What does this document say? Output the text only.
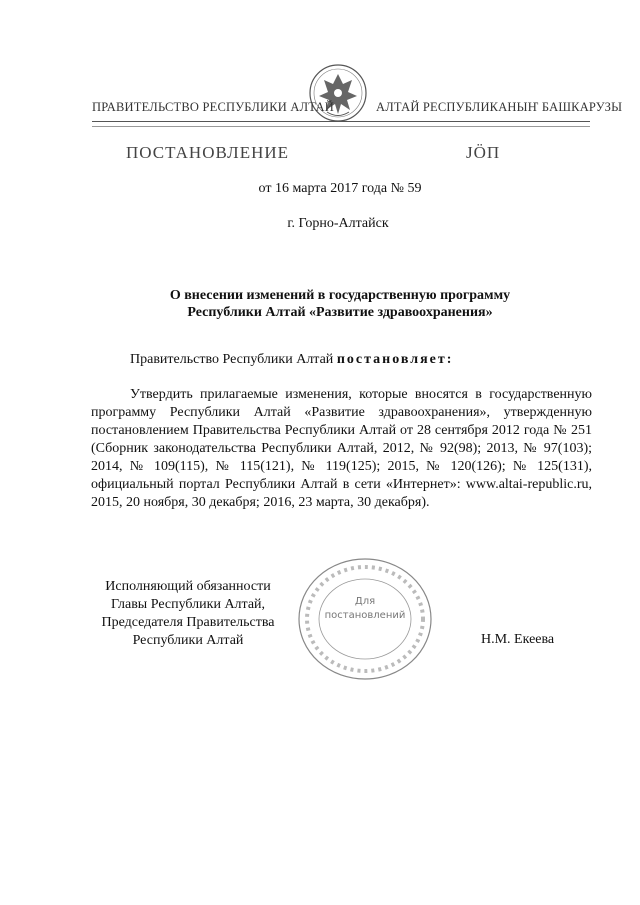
ПРАВИТЕЛЬСТВО РЕСПУБЛИКИ АЛТАЙ	АЛТАЙ РЕСПУБЛИКАНЫҤ БАШКАРУЗЫ
ПОСТАНОВЛЕНИЕ	ЈӦП
от 16 марта 2017 года № 59
г. Горно-Алтайск
О внесении изменений в государственную программу
Республики Алтай «Развитие здравоохранения»
Правительство Республики Алтай постановляет:
Утвердить прилагаемые изменения, которые вносятся в государственную программу Республики Алтай «Развитие здравоохранения», утвержденную постановлением Правительства Республики Алтай от 28 сентября 2012 года № 251 (Сборник законодательства Республики Алтай, 2012, № 92(98); 2013, № 97(103); 2014, № 109(115), № 115(121), № 119(125); 2015, № 120(126); № 125(131), официальный портал Республики Алтай в сети «Интернет»: www.altai-republic.ru, 2015, 20 ноября, 30 декабря; 2016, 23 марта, 30 декабря).
Исполняющий обязанности
Главы Республики Алтай,
Председателя Правительства
Республики Алтай
Для
постановлений
Н.М. Екеева
